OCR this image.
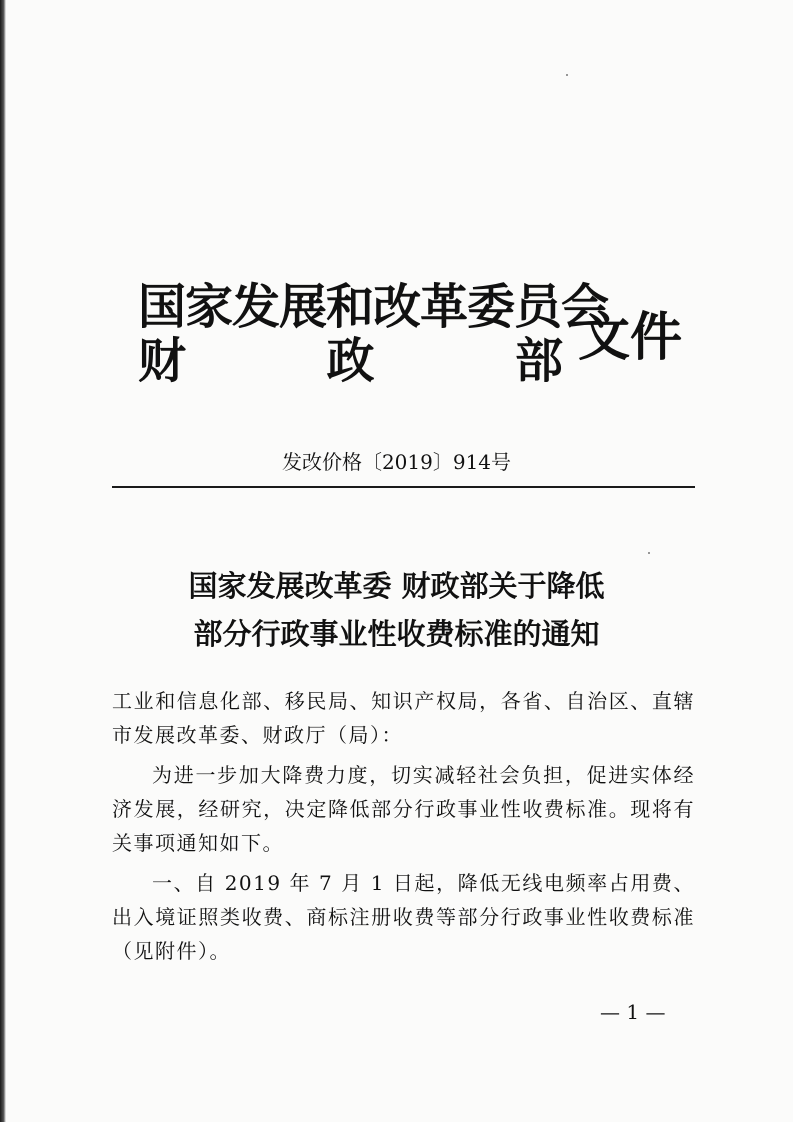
国家发展和改革委员会
财	政	部 文件
发改价格〔2019〕914号
国家发展改革委 财政部关于降低
部分行政事业性收费标准的通知

工业和信息化部、移民局、知识产权局，各省、自治区、直辖市发展改革委、财政厅（局）：

为进一步加大降费力度，切实减轻社会负担，促进实体经济发展，经研究，决定降低部分行政事业性收费标准。现将有关事项通知如下。

一、自 2019 年 7 月 1 日起，降低无线电频率占用费、出入境证照类收费、商标注册收费等部分行政事业性收费标准（见附件）。

— 1 —
